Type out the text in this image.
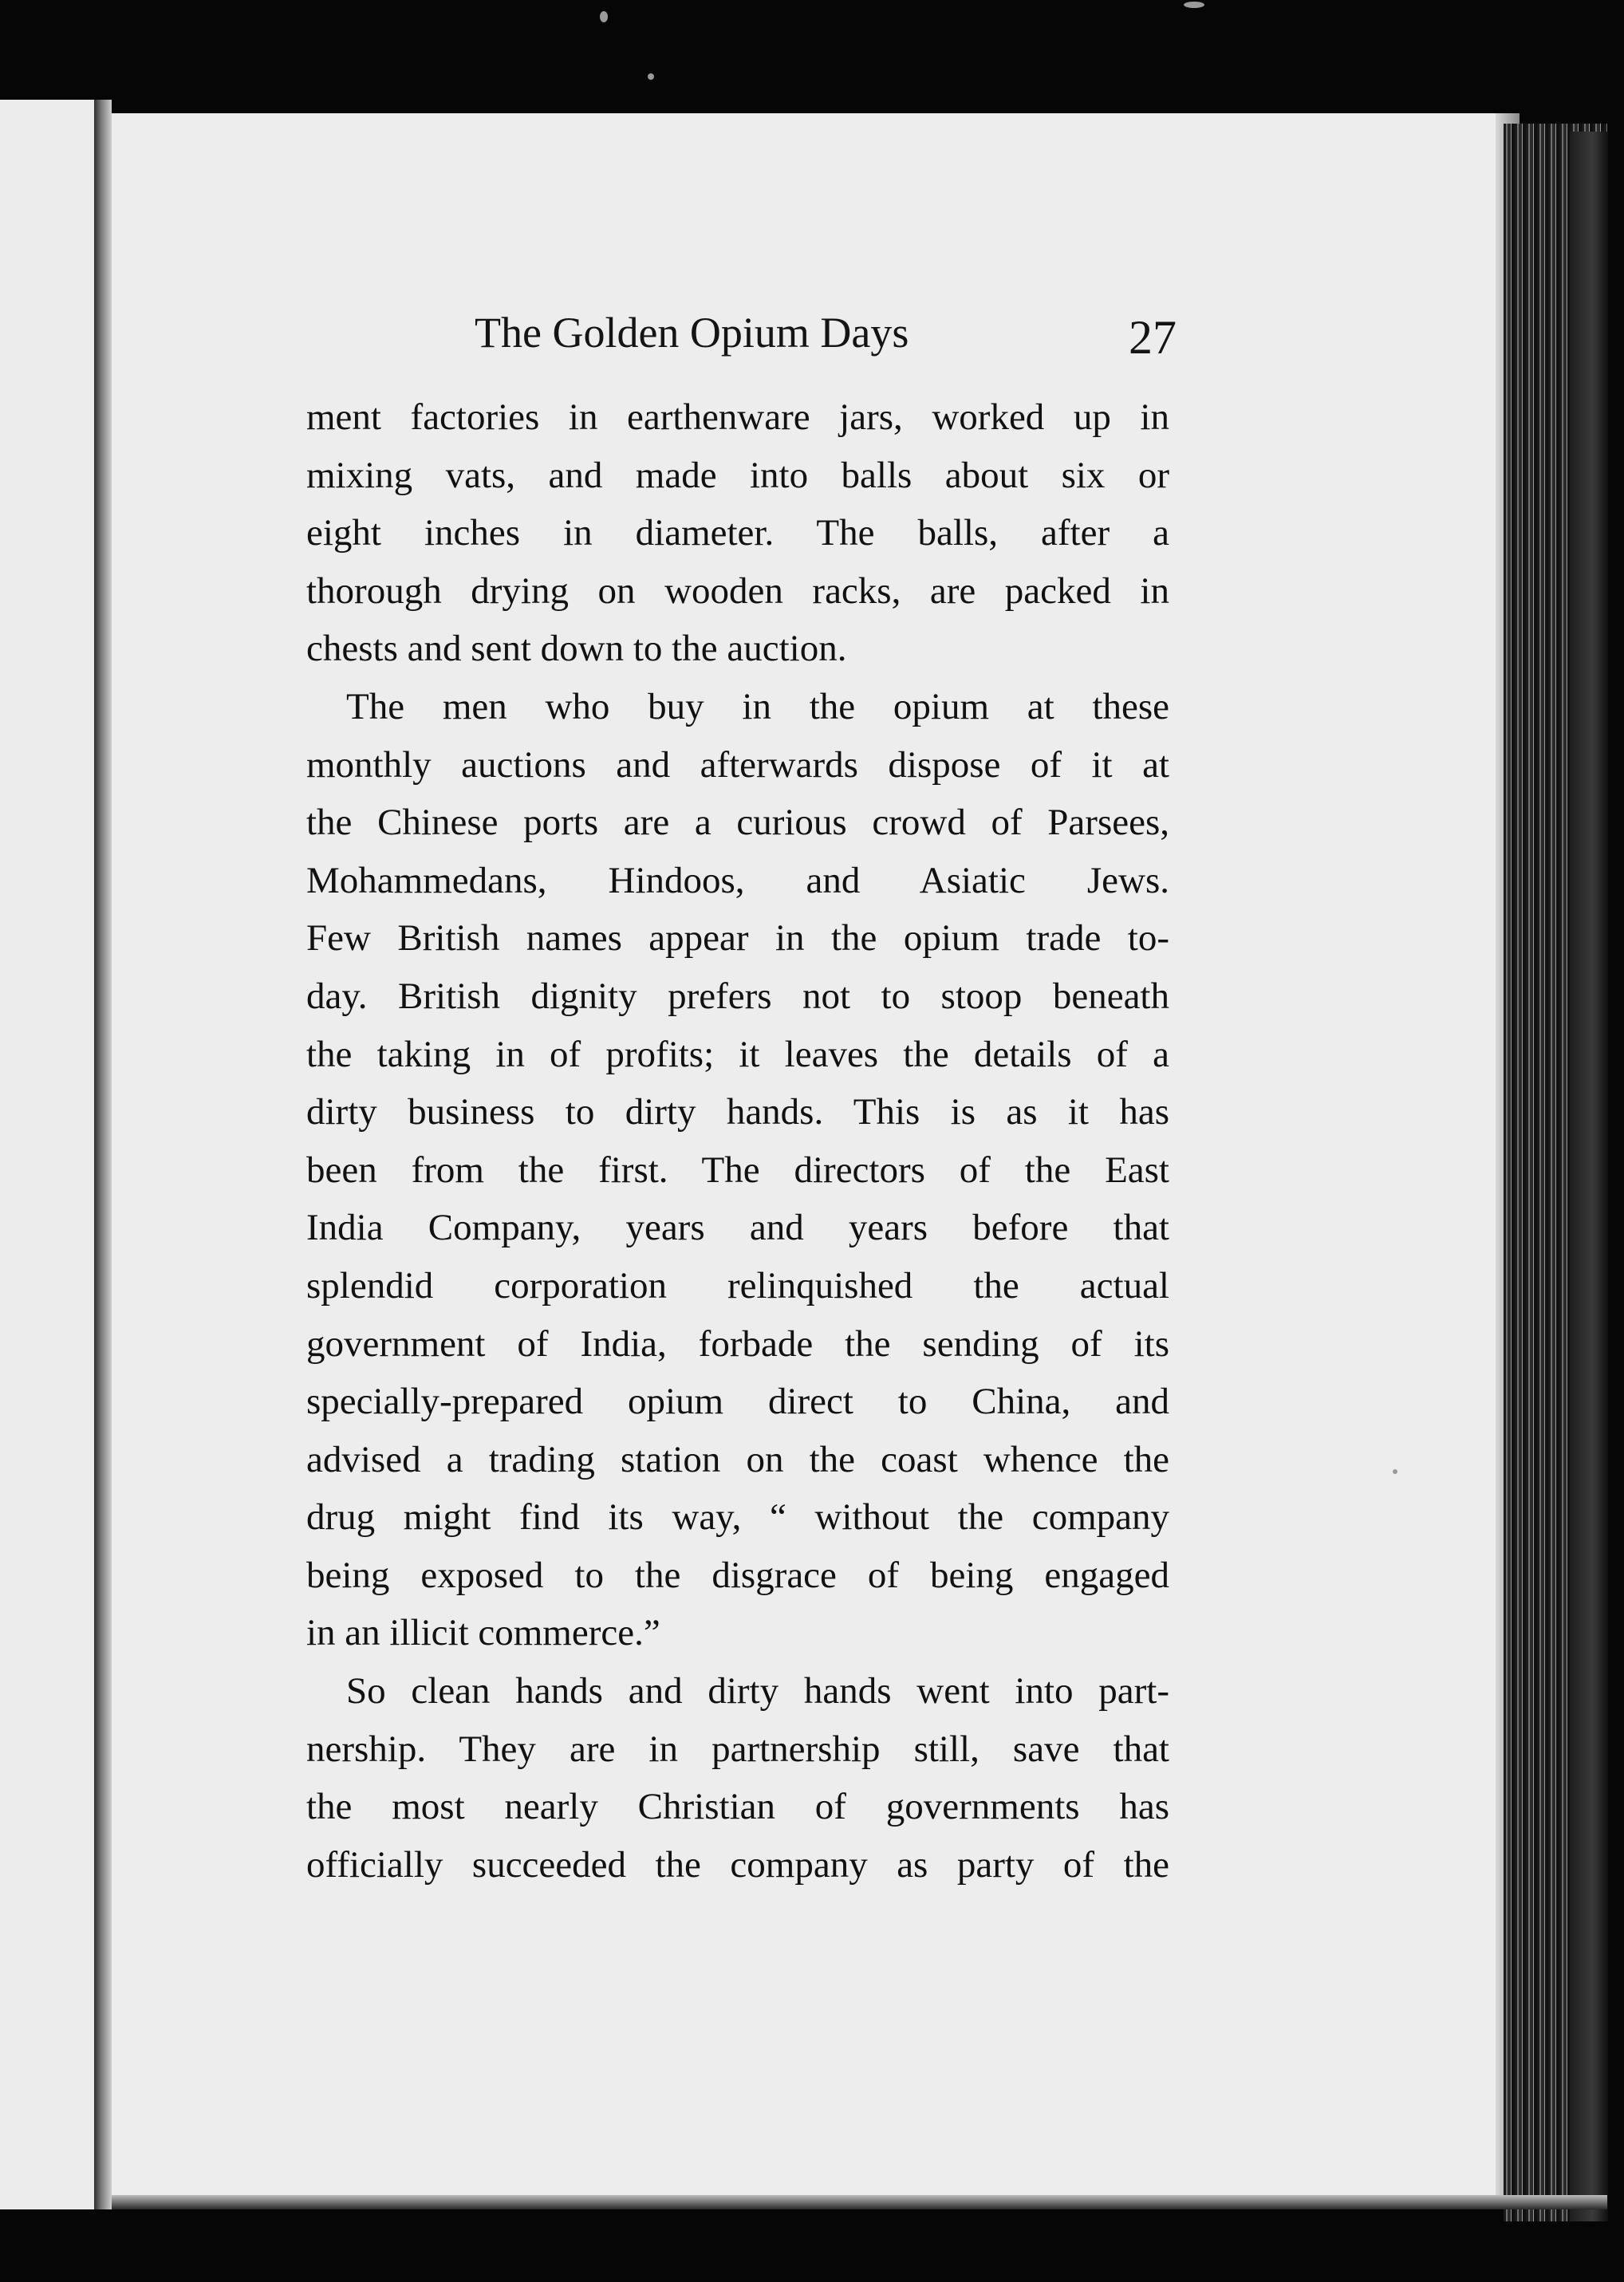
The Golden Opium Days	27
ment factories in earthenware jars, worked up in
mixing vats, and made into balls about six or
eight inches in diameter. The balls, after a
thorough drying on wooden racks, are packed in
chests and sent down to the auction.
The men who buy in the opium at these
monthly auctions and afterwards dispose of it at
the Chinese ports are a curious crowd of Parsees,
Mohammedans, Hindoos, and Asiatic Jews.
Few British names appear in the opium trade to-
day. British dignity prefers not to stoop beneath
the taking in of profits; it leaves the details of a
dirty business to dirty hands. This is as it has
been from the first. The directors of the East
India Company, years and years before that
splendid corporation relinquished the actual
government of India, forbade the sending of its
specially-prepared opium direct to China, and
advised a trading station on the coast whence the
drug might find its way, “ without the company
being exposed to the disgrace of being engaged
in an illicit commerce.”
So clean hands and dirty hands went into part-
nership. They are in partnership still, save that
the most nearly Christian of governments has
officially succeeded the company as party of the
